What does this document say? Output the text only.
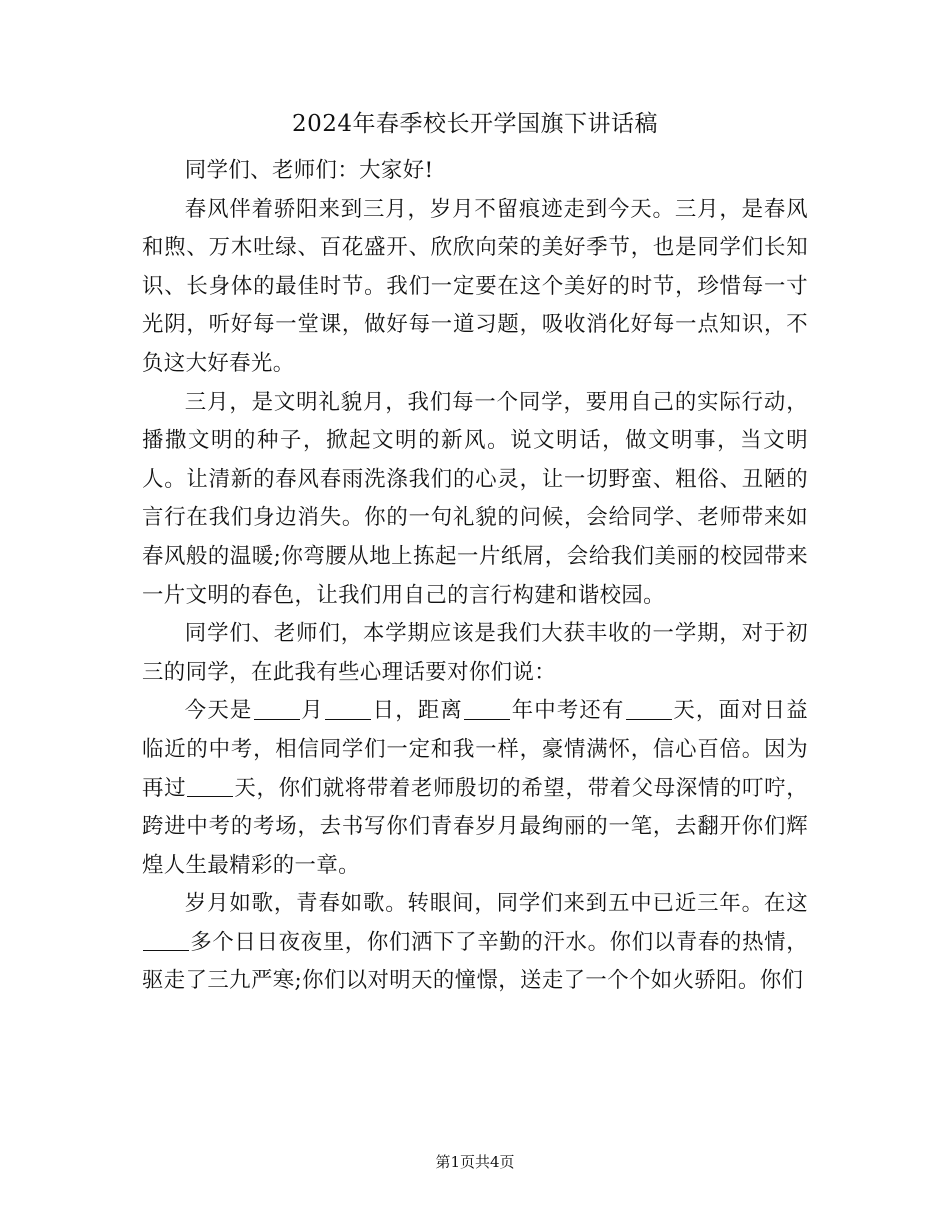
2024年春季校长开学国旗下讲话稿

同学们、老师们：大家好!

春风伴着骄阳来到三月，岁月不留痕迹走到今天。三月，是春风和煦、万木吐绿、百花盛开、欣欣向荣的美好季节，也是同学们长知识、长身体的最佳时节。我们一定要在这个美好的时节，珍惜每一寸光阴，听好每一堂课，做好每一道习题，吸收消化好每一点知识，不负这大好春光。

三月，是文明礼貌月，我们每一个同学，要用自己的实际行动，播撒文明的种子，掀起文明的新风。说文明话，做文明事，当文明人。让清新的春风春雨洗涤我们的心灵，让一切野蛮、粗俗、丑陋的言行在我们身边消失。你的一句礼貌的问候，会给同学、老师带来如春风般的温暖;你弯腰从地上拣起一片纸屑，会给我们美丽的校园带来一片文明的春色，让我们用自己的言行构建和谐校园。

同学们、老师们，本学期应该是我们大获丰收的一学期，对于初三的同学，在此我有些心理话要对你们说：

今天是 月 日，距离 年中考还有 天，面对日益临近的中考，相信同学们一定和我一样，豪情满怀，信心百倍。因为再过 天，你们就将带着老师殷切的希望，带着父母深情的叮咛，跨进中考的考场，去书写你们青春岁月最绚丽的一笔，去翻开你们辉煌人生最精彩的一章。

岁月如歌，青春如歌。转眼间，同学们来到五中已近三年。在这多个日日夜夜里，你们洒下了辛勤的汗水。你们以青春的热情，驱走了三九严寒;你们以对明天的憧憬，送走了一个个如火骄阳。你们

第1页共4页
